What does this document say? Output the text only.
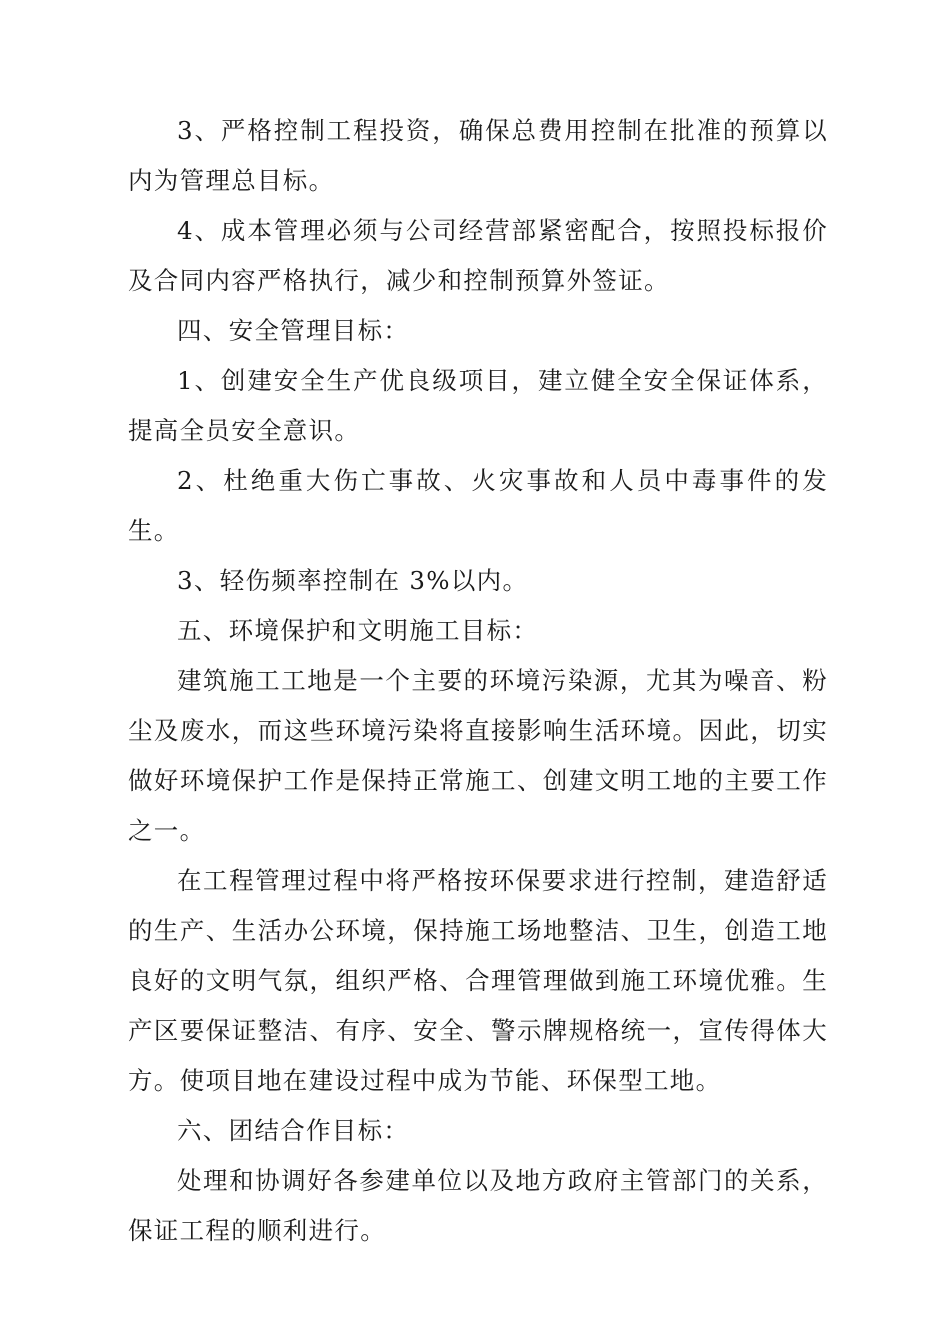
3、严格控制工程投资，确保总费用控制在批准的预算以内为管理总目标。

4、成本管理必须与公司经营部紧密配合，按照投标报价及合同内容严格执行，减少和控制预算外签证。

四、安全管理目标：

1、创建安全生产优良级项目，建立健全安全保证体系，提高全员安全意识。

2、杜绝重大伤亡事故、火灾事故和人员中毒事件的发生。

3、轻伤频率控制在 3%以内。

五、环境保护和文明施工目标：

建筑施工工地是一个主要的环境污染源，尤其为噪音、粉尘及废水，而这些环境污染将直接影响生活环境。因此，切实做好环境保护工作是保持正常施工、创建文明工地的主要工作之一。

在工程管理过程中将严格按环保要求进行控制，建造舒适的生产、生活办公环境，保持施工场地整洁、卫生，创造工地良好的文明气氛，组织严格、合理管理做到施工环境优雅。生产区要保证整洁、有序、安全、警示牌规格统一，宣传得体大方。使项目地在建设过程中成为节能、环保型工地。

六、团结合作目标：

处理和协调好各参建单位以及地方政府主管部门的关系，保证工程的顺利进行。
